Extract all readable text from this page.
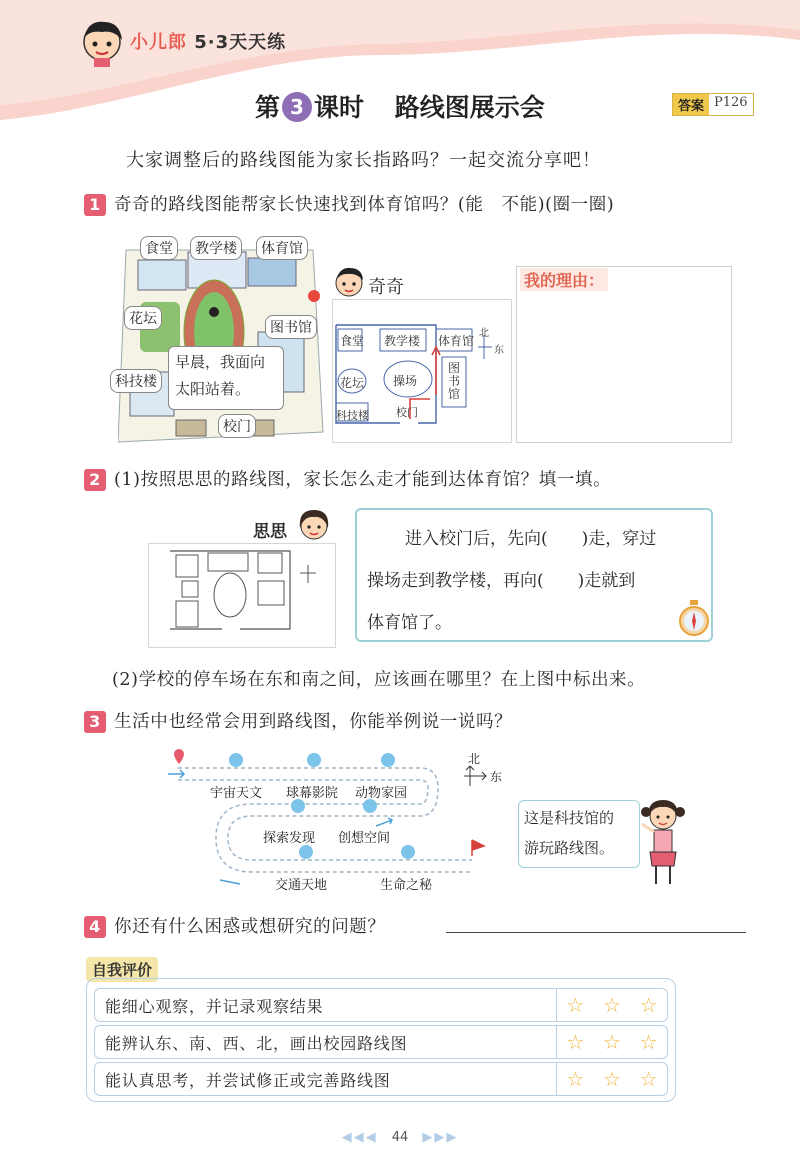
小儿郎 5·3天天练
第 3 课时 路线图展示会	答案 P126
大家调整后的路线图能为家长指路吗？一起交流分享吧！
1 奇奇的路线图能帮家长快速找到体育馆吗？(能　不能)(圈一圈)
食堂	教学楼	体育馆
花坛
图书馆
科技楼
校门
早晨，我面向
太阳站着。
奇奇
食堂 教学楼 体育馆
花坛 操场
图书馆
科技楼 校门
北
东
我的理由：
2 (1)按照思思的路线图，家长怎么走才能到达体育馆？填一填。
思思	进入校门后，先向(　　)走，穿过
操场走到教学楼，再向(　　)走就到
体育馆了。
(2)学校的停车场在东和南之间，应该画在哪里？在上图中标出来。
3 生活中也经常会用到路线图，你能举例说一说吗？
宇宙天文 球幕影院 动物家园
探索发现 创想空间
交通天地	生命之秘
北
东
这是科技馆的
游玩路线图。
4 你还有什么困惑或想研究的问题？
自我评价
能细心观察，并记录观察结果	☆ ☆ ☆
能辨认东、南、西、北，画出校园路线图	☆ ☆ ☆
能认真思考，并尝试修正或完善路线图	☆ ☆ ☆
◀◀◀ 44 ▶▶▶
